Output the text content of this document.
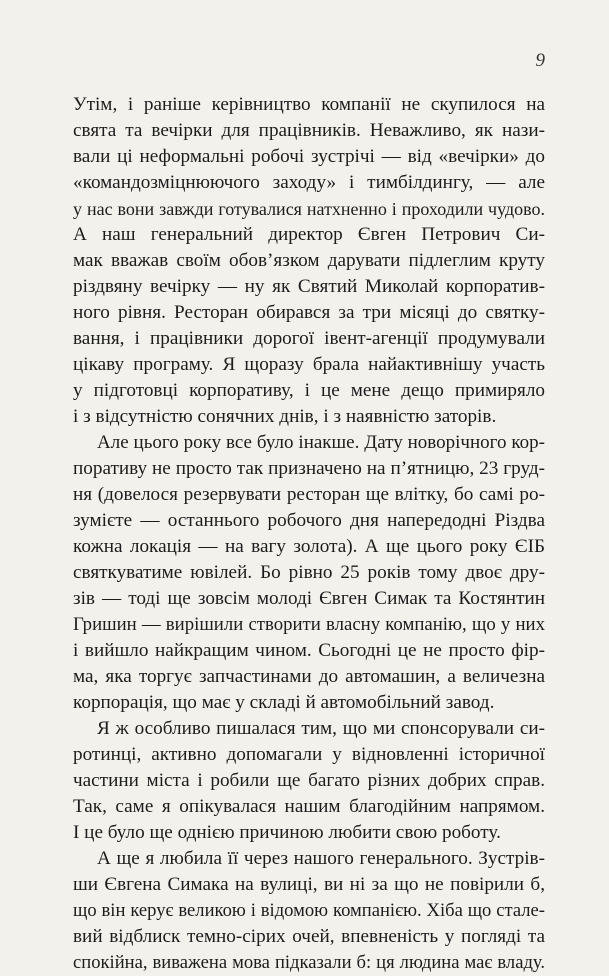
9
Утім, і раніше керівництво компанії не скупилося на
свята та вечірки для працівників. Неважливо, як нази-
вали ці неформальні робочі зустрічі — від «вечірки» до
«командозміцнюючого заходу» і тимбілдингу, — але
у нас вони завжди готувалися натхненно і проходили чудово.
А наш генеральний директор Євген Петрович Си-
мак вважав своїм обов’язком дарувати підлеглим круту
різдвяну вечірку — ну як Святий Миколай корпоратив-
ного рівня. Ресторан обирався за три місяці до святку-
вання, і працівники дорогої івент-агенції продумували
цікаву програму. Я щоразу брала найактивнішу участь
у підготовці корпоративу, і це мене дещо примиряло
і з відсутністю сонячних днів, і з наявністю заторів.
Але цього року все було інакше. Дату новорічного кор-
поративу не просто так призначено на п’ятницю, 23 груд-
ня (довелося резервувати ресторан ще влітку, бо самі ро-
зумієте — останнього робочого дня напередодні Різдва
кожна локація — на вагу золота). А ще цього року ЄІБ
святкуватиме ювілей. Бо рівно 25 років тому двоє дру-
зів — тоді ще зовсім молоді Євген Симак та Костянтин
Гришин — вирішили створити власну компанію, що у них
і вийшло найкращим чином. Сьогодні це не просто фір-
ма, яка торгує запчастинами до автомашин, а величезна
корпорація, що має у складі й автомобільний завод.
Я ж особливо пишалася тим, що ми спонсорували си-
ротинці, активно допомагали у відновленні історичної
частини міста і робили ще багато різних добрих справ.
Так, саме я опікувалася нашим благодійним напрямом.
І це було ще однією причиною любити свою роботу.
А ще я любила її через нашого генерального. Зустрів-
ши Євгена Симака на вулиці, ви ні за що не повірили б,
що він керує великою і відомою компанією. Хіба що стале-
вий відблиск темно-сірих очей, впевненість у погляді та
спокійна, виважена мова підказали б: ця людина має владу.
